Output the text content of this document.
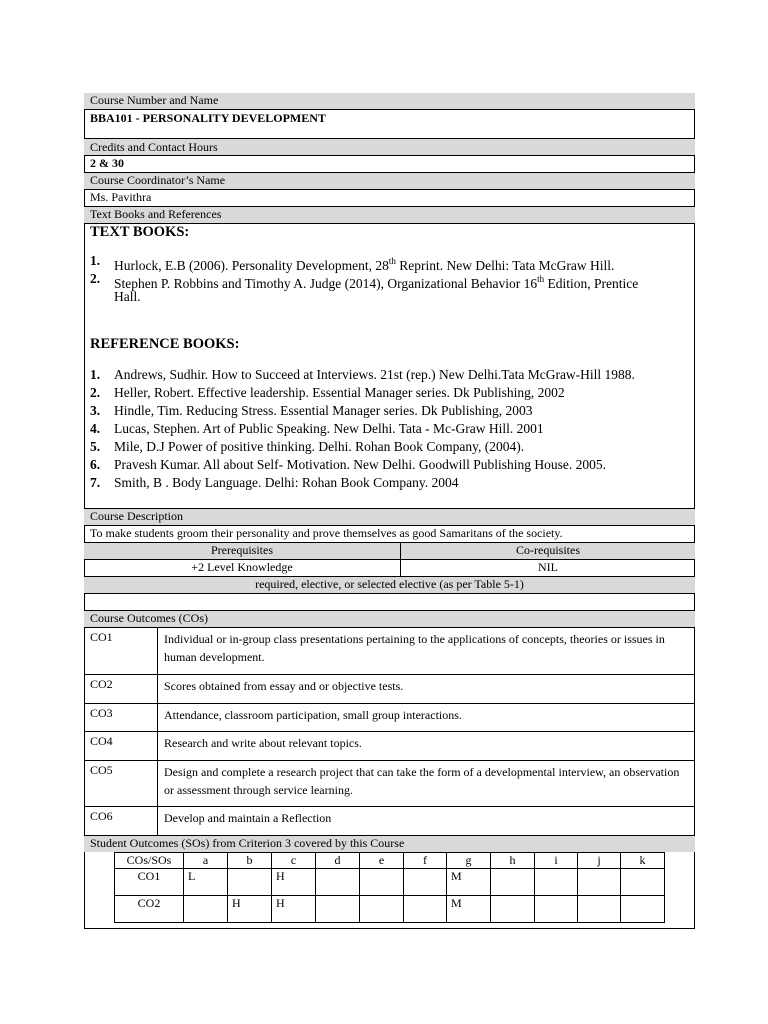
Course Number and Name
BBA101 - PERSONALITY DEVELOPMENT
Credits and Contact Hours
2 & 30
Course Coordinator’s Name
Ms. Pavithra
Text Books and References
TEXT BOOKS:
1. Hurlock, E.B (2006). Personality Development, 28th Reprint. New Delhi: Tata McGraw Hill.
2. Stephen P. Robbins and Timothy A. Judge (2014), Organizational Behavior 16th Edition, Prentice
Hall.
REFERENCE BOOKS:
1. Andrews, Sudhir. How to Succeed at Interviews. 21st (rep.) New Delhi.Tata McGraw-Hill 1988.
2. Heller, Robert. Effective leadership. Essential Manager series. Dk Publishing, 2002
3. Hindle, Tim. Reducing Stress. Essential Manager series. Dk Publishing, 2003
4. Lucas, Stephen. Art of Public Speaking. New Delhi. Tata - Mc-Graw Hill. 2001
5. Mile, D.J Power of positive thinking. Delhi. Rohan Book Company, (2004).
6. Pravesh Kumar. All about Self- Motivation. New Delhi. Goodwill Publishing House. 2005.
7. Smith, B . Body Language. Delhi: Rohan Book Company. 2004
Course Description
To make students groom their personality and prove themselves as good Samaritans of the society.
Prerequisites	Co-requisites
+2 Level Knowledge	NIL
required, elective, or selected elective (as per Table 5-1)
Course Outcomes (COs)
CO1	Individual or in-group class presentations pertaining to the applications of concepts, theories or issues in human development.
CO2	Scores obtained from essay and or objective tests.
CO3	Attendance, classroom participation, small group interactions.
CO4	Research and write about relevant topics.
CO5	Design and complete a research project that can take the form of a developmental interview, an observation or assessment through service learning.
CO6	Develop and maintain a Reflection
Student Outcomes (SOs) from Criterion 3 covered by this Course
COs/SOs	a	b	c	d	e	f	g	h	i	j	k
CO1	L		H				M				
CO2		H	H				M				
